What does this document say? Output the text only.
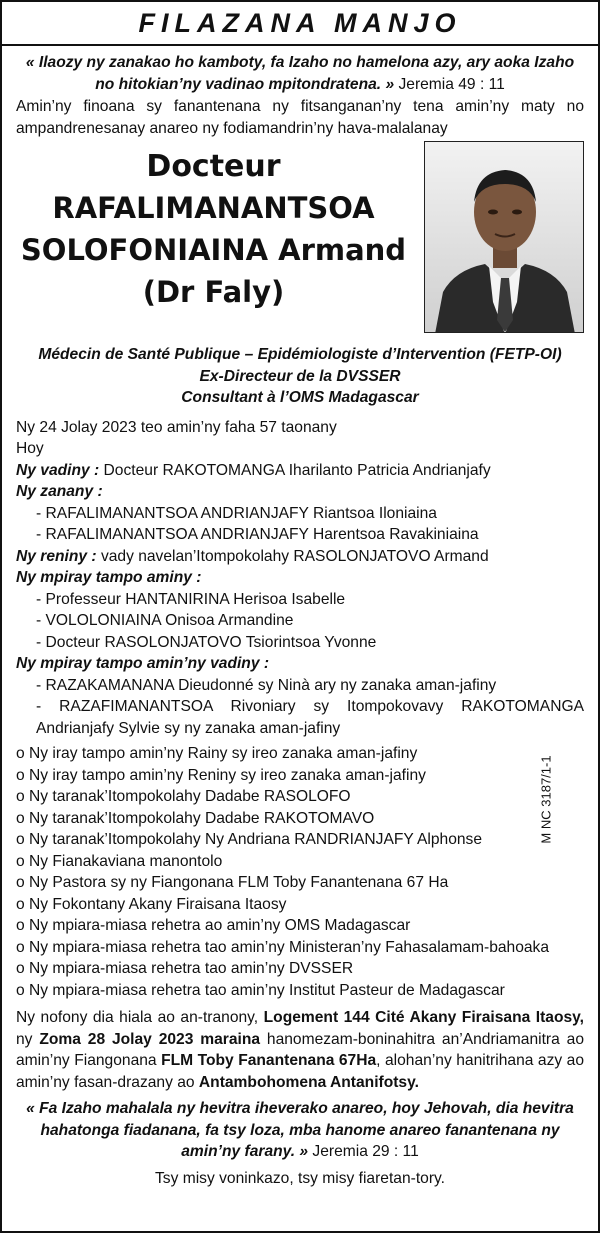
FILAZANA MANJO
« Ilaozy ny zanakao ho kamboty, fa Izaho no hamelona azy, ary aoka Izaho no hitokian’ny vadinao mpitondratena. » Jeremia 49 : 11
Amin’ny finoana sy fanantenana ny fitsanganan’ny tena amin’ny maty no ampandrenesanay anareo ny fodiamandrin’ny hava-malalanay
Docteur
RAFALIMANANTSOA
SOLOFONIAINA Armand
(Dr Faly)
Médecin de Santé Publique – Epidémiologiste d’Intervention (FETP-OI)
Ex-Directeur de la DVSSER
Consultant à l’OMS Madagascar
Ny 24 Jolay 2023 teo amin’ny faha 57 taonany
Hoy
Ny vadiny : Docteur RAKOTOMANGA Iharilanto Patricia Andrianjafy
Ny zanany :
- RAFALIMANANTSOA ANDRIANJAFY Riantsoa Iloniaina
- RAFALIMANANTSOA ANDRIANJAFY Harentsoa Ravakiniaina
Ny reniny : vady navelan’Itompokolahy RASOLONJATOVO Armand
Ny mpiray tampo aminy :
- Professeur HANTANIRINA Herisoa Isabelle
- VOLOLONIAINA Onisoa Armandine
- Docteur RASOLONJATOVO Tsiorintsoa Yvonne
Ny mpiray tampo amin’ny vadiny :
- RAZAKAMANANA Dieudonné sy Ninà ary ny zanaka aman-jafiny
- RAZAFIMANANTSOA Rivoniary sy Itompokovavy RAKOTOMANGA Andrianjafy Sylvie sy ny zanaka aman-jafiny
o Ny iray tampo amin’ny Rainy sy ireo zanaka aman-jafiny
o Ny iray tampo amin’ny Reniny sy ireo zanaka aman-jafiny
o Ny taranak’Itompokolahy Dadabe RASOLOFO
o Ny taranak’Itompokolahy Dadabe RAKOTOMAVO
o Ny taranak’Itompokolahy Ny Andriana RANDRIANJAFY Alphonse
o Ny Fianakaviana manontolo
o Ny Pastora sy ny Fiangonana FLM Toby Fanantenana 67 Ha
o Ny Fokontany Akany Firaisana Itaosy
o Ny mpiara-miasa rehetra ao amin’ny OMS Madagascar
o Ny mpiara-miasa rehetra tao amin’ny Ministeran’ny Fahasalamam-bahoaka
o Ny mpiara-miasa rehetra tao amin’ny DVSSER
o Ny mpiara-miasa rehetra tao amin’ny Institut Pasteur de Madagascar
Ny nofony dia hiala ao an-tranony, Logement 144 Cité Akany Firaisana Itaosy, ny Zoma 28 Jolay 2023 maraina hanomezam-boninahitra an’Andriamanitra ao amin’ny Fiangonana FLM Toby Fanantenana 67Ha, alohan’ny hanitrihana azy ao amin’ny fasan-drazany ao Antambohomena Antanifotsy.
« Fa Izaho mahalala ny hevitra iheverako anareo, hoy Jehovah, dia hevitra hahatonga fiadanana, fa tsy loza, mba hanome anareo fanantenana ny amin’ny farany. » Jeremia 29 : 11
Tsy misy voninkazo, tsy misy fiaretan-tory.
M NC 3187/1-1
